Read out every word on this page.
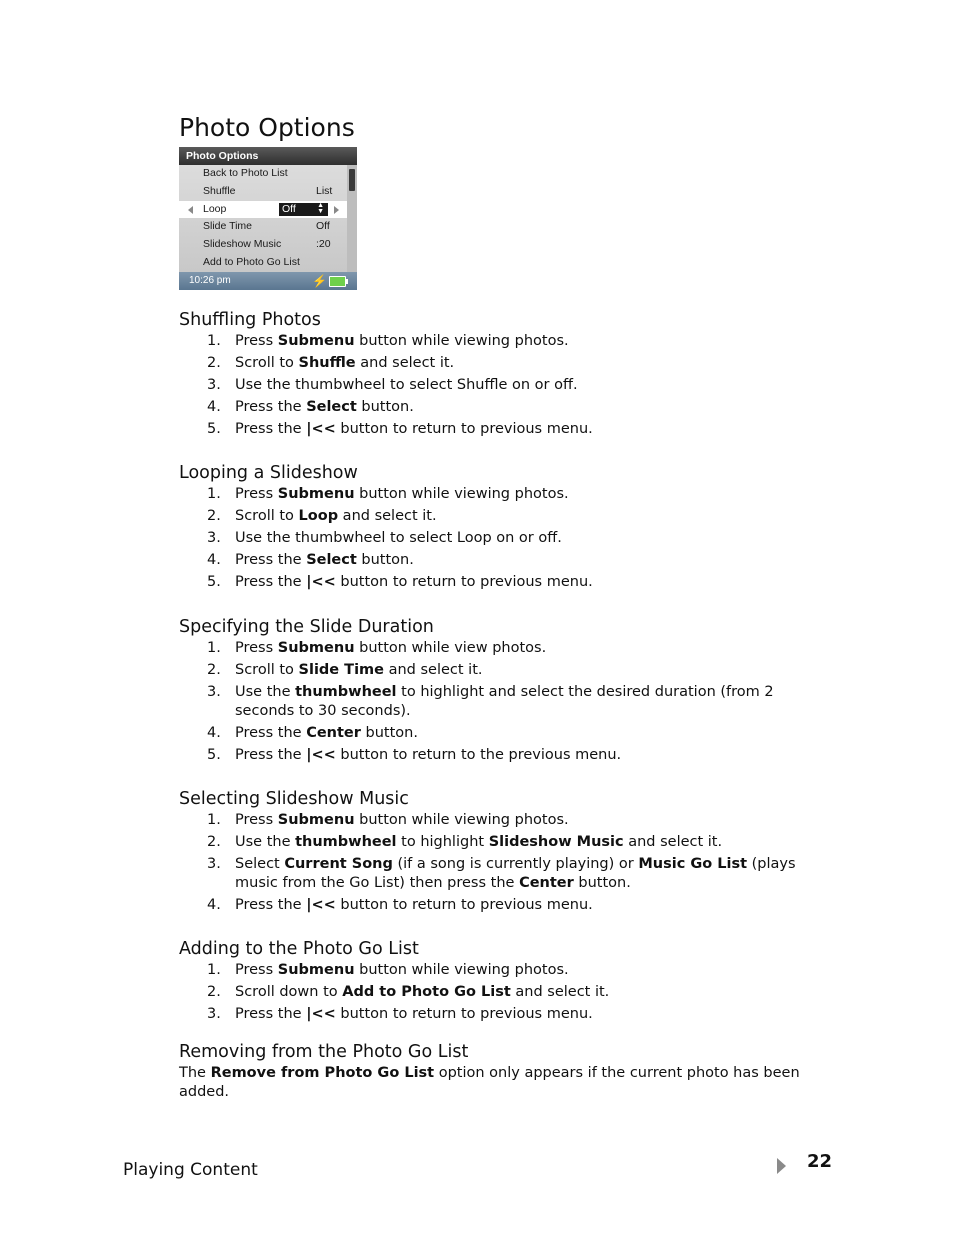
Photo Options
Photo Options
Back to Photo List
Shuffle	List
Loop	Off	▲
▼
Slide Time	Off
Slideshow Music	:20
Add to Photo Go List
10:26 pm	⚡
Shuffling Photos
1. Press Submenu button while viewing photos.
2. Scroll to Shuffle and select it.
3. Use the thumbwheel to select Shuffle on or off.
4. Press the Select button.
5. Press the |<< button to return to previous menu.
Looping a Slideshow
1. Press Submenu button while viewing photos.
2. Scroll to Loop and select it.
3. Use the thumbwheel to select Loop on or off.
4. Press the Select button.
5. Press the |<< button to return to previous menu.
Specifying the Slide Duration
1. Press Submenu button while view photos.
2. Scroll to Slide Time and select it.
3. Use the thumbwheel to highlight and select the desired duration (from 2 seconds to 30 seconds).
4. Press the Center button.
5. Press the |<< button to return to the previous menu.
Selecting Slideshow Music
1. Press Submenu button while viewing photos.
2. Use the thumbwheel to highlight Slideshow Music and select it.
3. Select Current Song (if a song is currently playing) or Music Go List (plays music from the Go List) then press the Center button.
4. Press the |<< button to return to previous menu.
Adding to the Photo Go List
1. Press Submenu button while viewing photos.
2. Scroll down to Add to Photo Go List and select it.
3. Press the |<< button to return to previous menu.
Removing from the Photo Go List

The Remove from Photo Go List option only appears if the current photo has been added.

Playing Content	22
